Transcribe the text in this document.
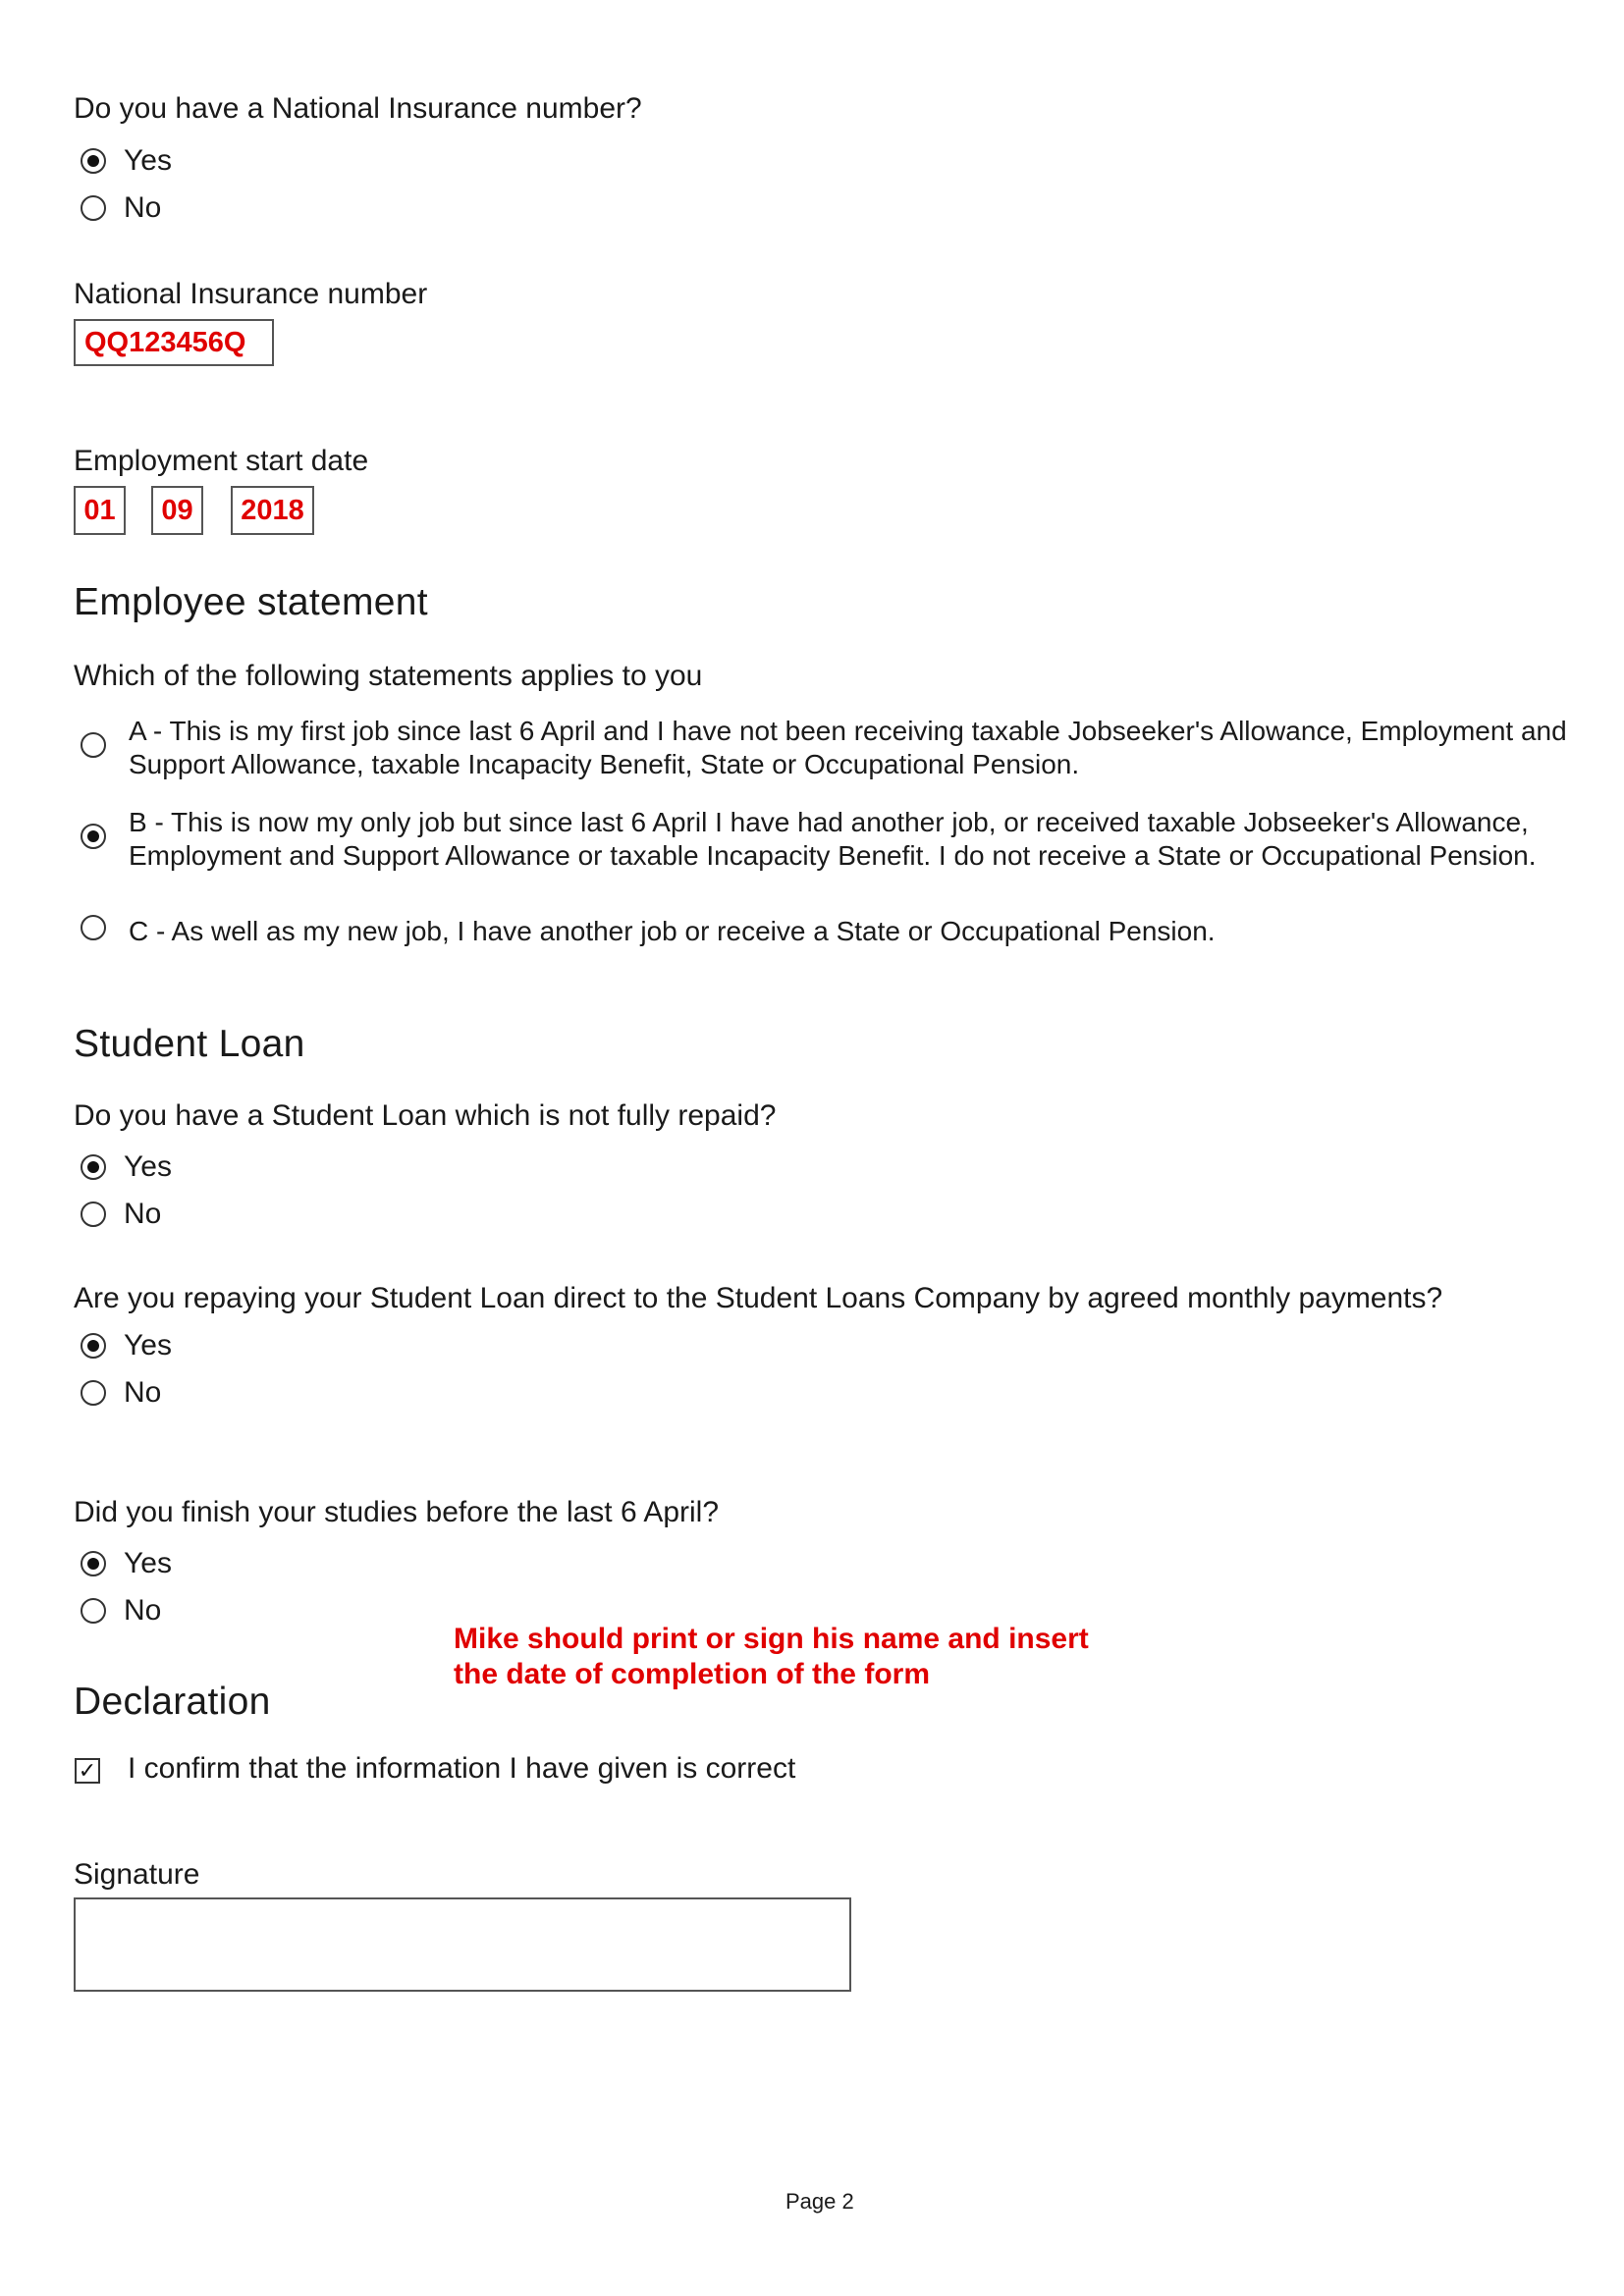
Do you have a National Insurance number?
Yes
No
National Insurance number
QQ123456Q
Employment start date
01	09	2018
Employee statement
Which of the following statements applies to you
A - This is my first job since last 6 April and I have not been receiving taxable Jobseeker's Allowance, Employment and Support Allowance, taxable Incapacity Benefit, State or Occupational Pension.
B - This is now my only job but since last 6 April I have had another job, or received taxable Jobseeker's Allowance, Employment and Support Allowance or taxable Incapacity Benefit. I do not receive a State or Occupational Pension.
C - As well as my new job, I have another job or receive a State or Occupational Pension.
Student Loan
Do you have a Student Loan which is not fully repaid?
Yes
No
Are you repaying your Student Loan direct to the Student Loans Company by agreed monthly payments?
Yes
No
Did you finish your studies before the last 6 April?
Yes
No
Mike should print or sign his name and insert
the date of completion of the form
Declaration
✓ I confirm that the information I have given is correct
Signature
Page 2
